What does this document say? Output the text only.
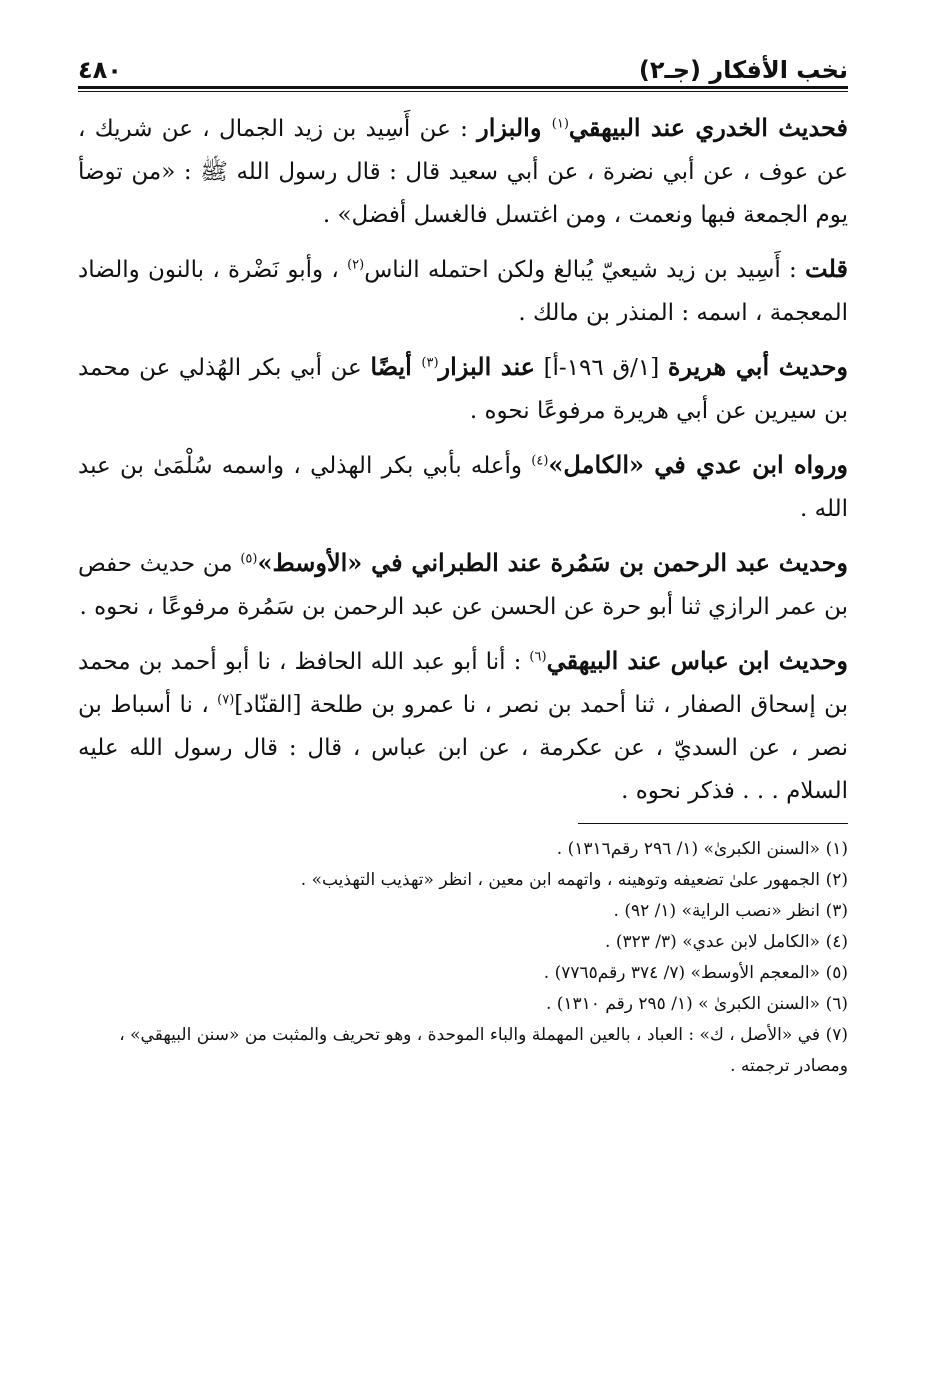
نخب الأفكار (جـ٢)
٤٨٠

فحديث الخدري عند البيهقي$^{(١)}$ والبزار : عن أَسِيد بن زيد الجمال ، عن شريك ، عن عوف ، عن أبي نضرة ، عن أبي سعيد قال : قال رسول الله ﷺ : «من توضأ يوم الجمعة فبها ونعمت ، ومن اغتسل فالغسل أفضل» .

قلت : أَسِيد بن زيد شيعيّ يُبالغ ولكن احتمله الناس$^{(٢)}$ ، وأبو نَضْرة ، بالنون والضاد المعجمة ، اسمه : المنذر بن مالك .

وحديث أبي هريرة [١/ق ١٩٦-أ] عند البزار$^{(٣)}$ أيضًا عن أبي بكر الهُذلي عن محمد بن سيرين عن أبي هريرة مرفوعًا نحوه .

ورواه ابن عدي في «الكامل»$^{(٤)}$ وأعله بأبي بكر الهذلي ، واسمه سُلْمَىٰ بن عبد الله .

وحديث عبد الرحمن بن سَمُرة عند الطبراني في «الأوسط»$^{(٥)}$ من حديث حفص بن عمر الرازي ثنا أبو حرة عن الحسن عن عبد الرحمن بن سَمُرة مرفوعًا ، نحوه .

وحديث ابن عباس عند البيهقي$^{(٦)}$ : أنا أبو عبد الله الحافظ ، نا أبو أحمد بن محمد بن إسحاق الصفار ، ثنا أحمد بن نصر ، نا عمرو بن طلحة [القنّاد]$^{(٧)}$ ، نا أسباط بن نصر ، عن السديّ ، عن عكرمة ، عن ابن عباس ، قال : قال رسول الله عليه السلام . . . فذكر نحوه .

(١)«السنن الكبرىٰ» (١/ ٢٩٦ رقم١٣١٦) .

(٢)الجمهور علىٰ تضعيفه وتوهينه ، واتهمه ابن معين ، انظر «تهذيب التهذيب» .

(٣)انظر «نصب الراية» (١/ ٩٢) .

(٤)«الكامل لابن عدي» (٣/ ٣٢٣) .

(٥)«المعجم الأوسط» (٧/ ٣٧٤ رقم٧٧٦٥) .

(٦)«السنن الكبرىٰ » (١/ ٢٩٥ رقم ١٣١٠) .

(٧)في «الأصل ، ك» : العباد ، بالعين المهملة والباء الموحدة ، وهو تحريف والمثبت من «سنن البيهقي» ، ومصادر ترجمته .
